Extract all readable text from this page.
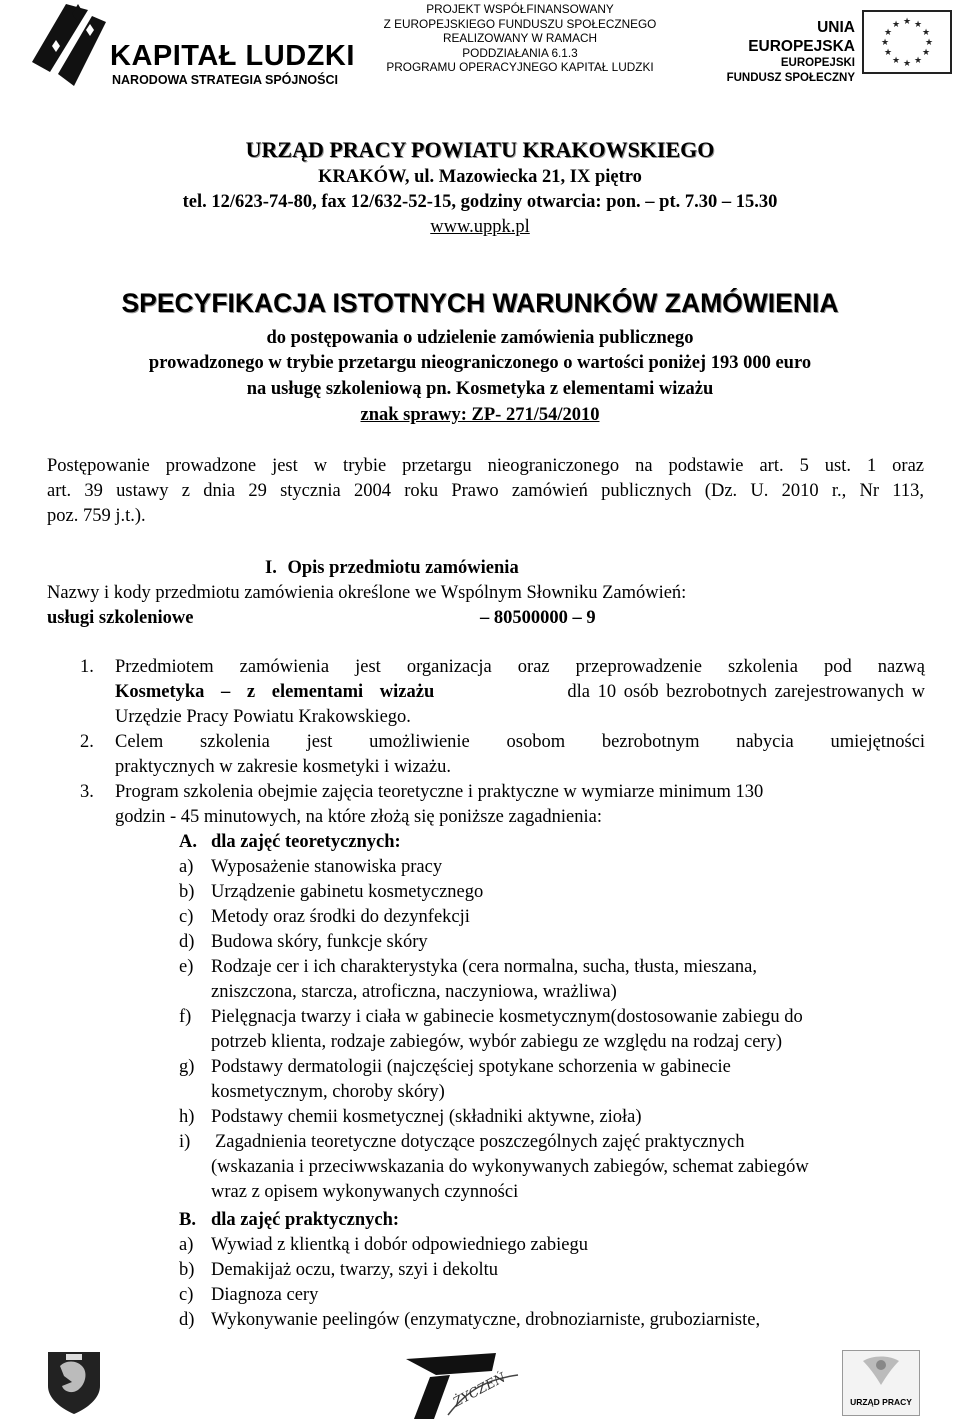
KAPITAŁ LUDZKI
NARODOWA STRATEGIA SPÓJNOŚCI
PROJEKT WSPÓŁFINANSOWANY
Z EUROPEJSKIEGO FUNDUSZU SPOŁECZNEGO
REALIZOWANY W RAMACH
PODDZIAŁANIA 6.1.3
PROGRAMU OPERACYJNEGO KAPITAŁ LUDZKI
UNIA EUROPEJSKA
EUROPEJSKI
FUNDUSZ SPOŁECZNY
★ ★
★
★
★
★
★
★
★
★
★
★
URZĄD PRACY POWIATU KRAKOWSKIEGO
KRAKÓW, ul. Mazowiecka 21, IX piętro
tel. 12/623-74-80, fax 12/632-52-15, godziny otwarcia: pon. – pt. 7.30 – 15.30
www.uppk.pl
SPECYFIKACJA ISTOTNYCH WARUNKÓW ZAMÓWIENIA
do postępowania o udzielenie zamówienia publicznego
prowadzonego w trybie przetargu nieograniczonego o wartości poniżej 193 000 euro
na usługę szkoleniową pn. Kosmetyka z elementami wizażu
znak sprawy: ZP- 271/54/2010
Postępowanie prowadzone jest w trybie przetargu nieograniczonego na podstawie art. 5 ust. 1 oraz
art. 39 ustawy z dnia 29 stycznia 2004 roku Prawo zamówień publicznych (Dz. U. 2010 r., Nr 113,
poz. 759 j.t.).
I. Opis przedmiotu zamówienia
Nazwy i kody przedmiotu zamówienia określone we Wspólnym Słowniku Zamówień:
usługi szkoleniowe	– 80500000 – 9
1. Przedmiotem zamówienia jest organizacja oraz przeprowadzenie szkolenia pod nazwą
Kosmetyka – z elementami wizażu	dla 10 osób bezrobotnych zarejestrowanych w
Urzędzie Pracy Powiatu Krakowskiego.
2. Celem szkolenia jest umożliwienie osobom bezrobotnym nabycia umiejętności
praktycznych w zakresie kosmetyki i wizażu.
3. Program szkolenia obejmie zajęcia teoretyczne i praktyczne w wymiarze minimum 130
godzin - 45 minutowych, na które złożą się poniższe zagadnienia:
A. dla zajęć teoretycznych:
a) Wyposażenie stanowiska pracy
b) Urządzenie gabinetu kosmetycznego
c) Metody oraz środki do dezynfekcji
d) Budowa skóry, funkcje skóry
e) Rodzaje cer i ich charakterystyka (cera normalna, sucha, tłusta, mieszana,
zniszczona, starcza, atroficzna, naczyniowa, wrażliwa)
f) Pielęgnacja twarzy i ciała w gabinecie kosmetycznym(dostosowanie zabiegu do
potrzeb klienta, rodzaje zabiegów, wybór zabiegu ze względu na rodzaj cery)
g) Podstawy dermatologii (najczęściej spotykane schorzenia w gabinecie
kosmetycznym, choroby skóry)
h) Podstawy chemii kosmetycznej (składniki aktywne, zioła)
i) Zagadnienia teoretyczne dotyczące poszczególnych zajęć praktycznych
(wskazania i przeciwwskazania do wykonywanych zabiegów, schemat zabiegów
wraz z opisem wykonywanych czynności
B. dla zajęć praktycznych:
a) Wywiad z klientką i dobór odpowiedniego zabiegu
b) Demakijaż oczu, twarzy, szyi i dekoltu
c) Diagnoza cery
d) Wykonywanie peelingów (enzymatyczne, drobnoziarniste, gruboziarniste,
ŻYCZEŃ	URZĄD PRACY
